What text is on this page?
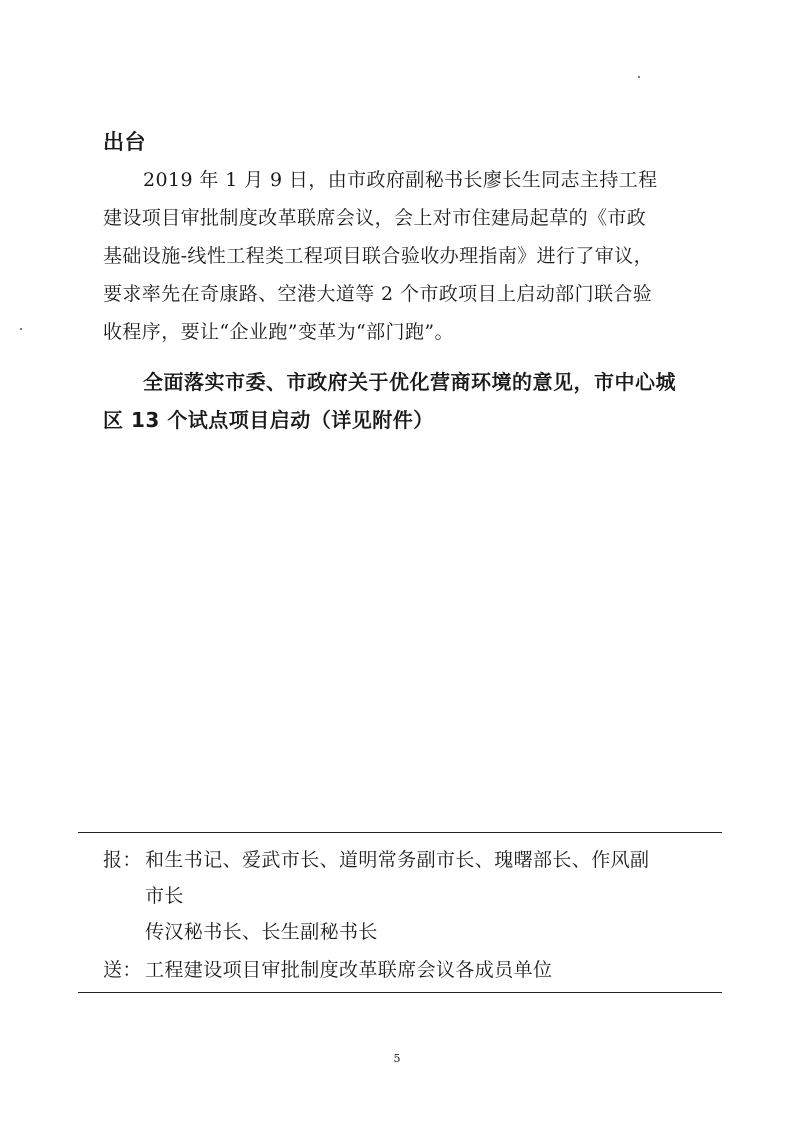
出台

2019 年 1 月 9 日，由市政府副秘书长廖长生同志主持工程

建设项目审批制度改革联席会议，会上对市住建局起草的《市政

基础设施-线性工程类工程项目联合验收办理指南》进行了审议，

要求率先在奇康路、空港大道等 2 个市政项目上启动部门联合验

收程序，要让“企业跑”变革为“部门跑”。

全面落实市委、市政府关于优化营商环境的意见，市中心城

区 13 个试点项目启动（详见附件）

报： 和生书记、爱武市长、道明常务副市长、瑰曙部长、作风副

市长

传汉秘书长、长生副秘书长

送： 工程建设项目审批制度改革联席会议各成员单位

5
